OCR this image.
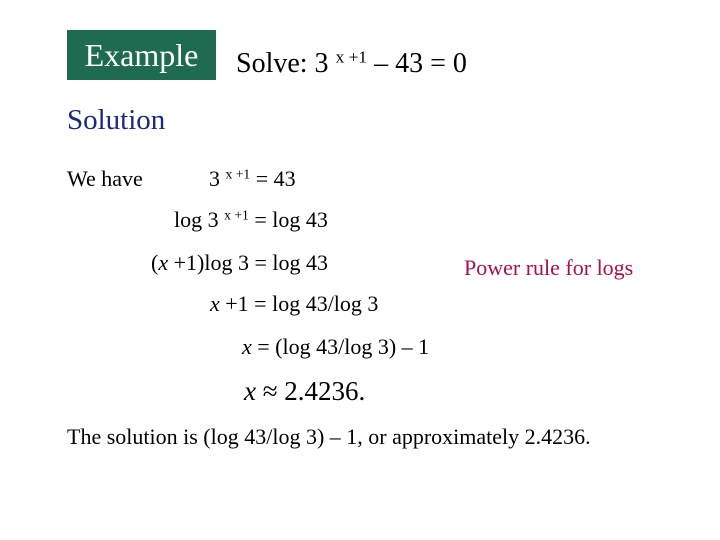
Example	Solve: 3 $^{x +1}$ – 43 = 0
Solution
We have	3 $^{x +1}$ = 43
log 3 $^{x +1}$ = log 43
(x +1)log 3 = log 43	Power rule for logs
x +1 = log 43/log 3
x = (log 43/log 3) – 1
x ≈ 2.4236.
The solution is (log 43/log 3) – 1, or approximately 2.4236.
